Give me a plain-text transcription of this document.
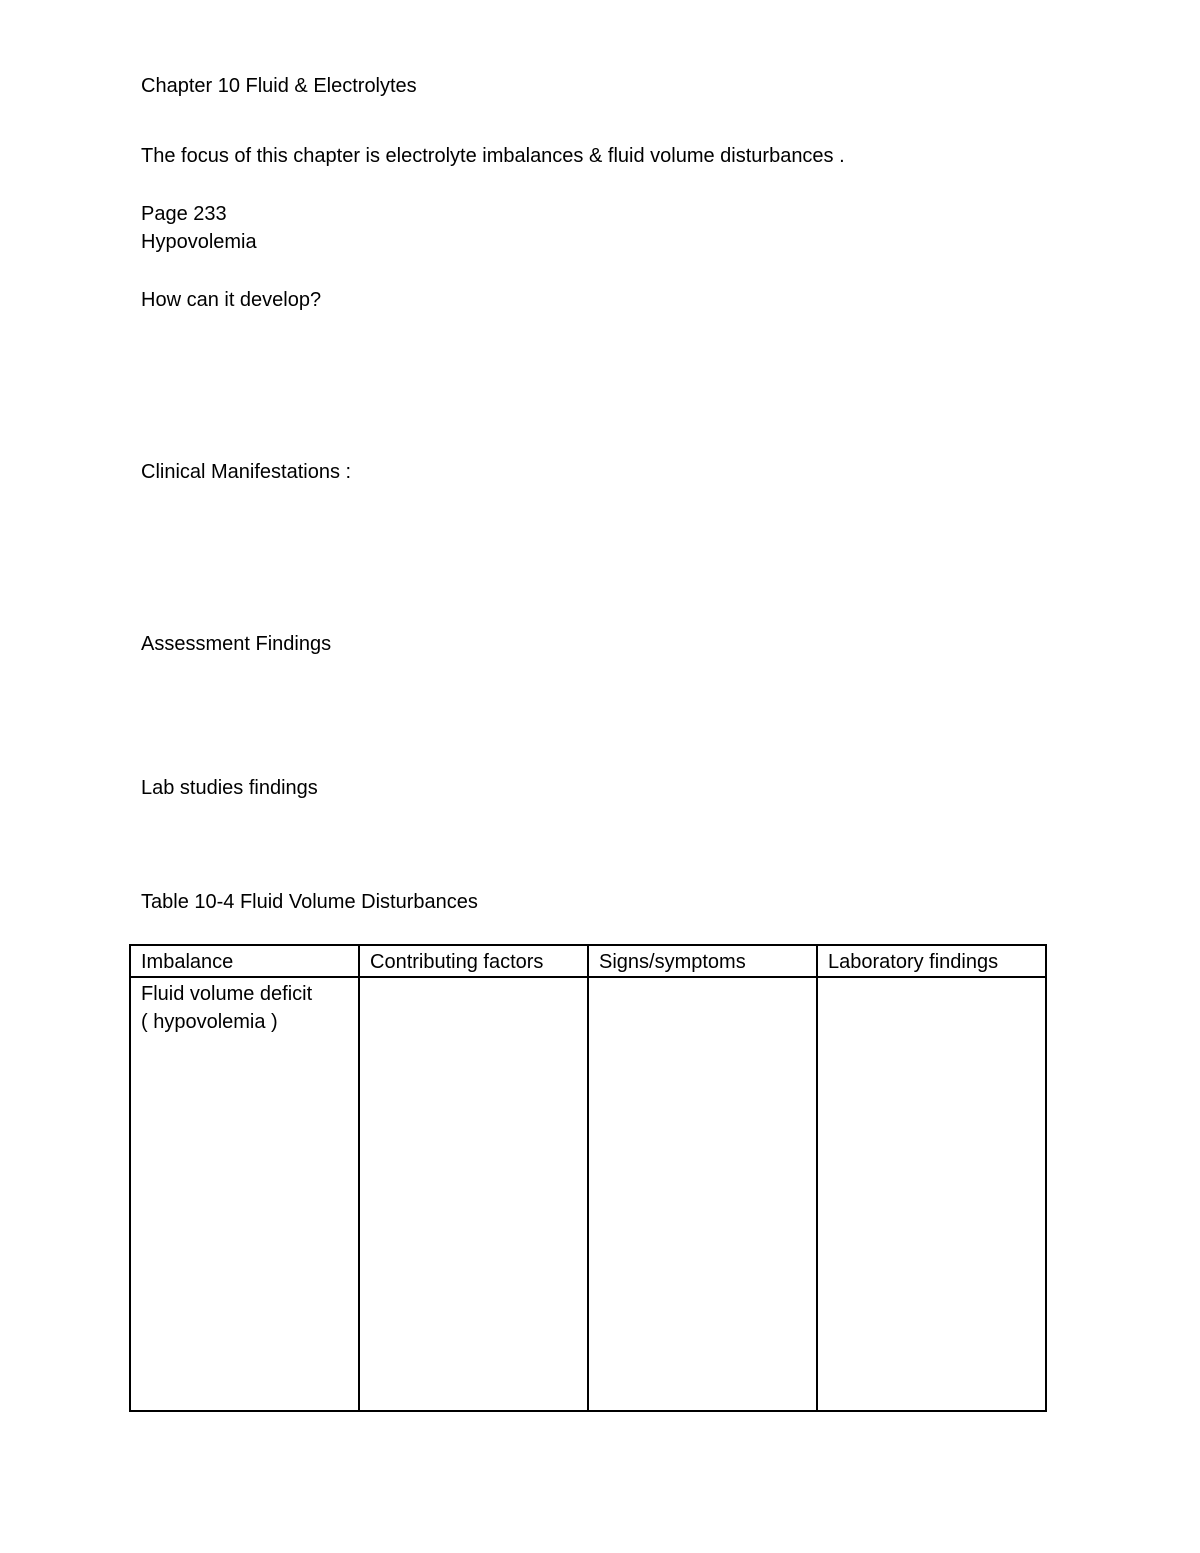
Chapter 10 Fluid & Electrolytes
The focus of this chapter is electrolyte imbalances & fluid volume disturbances .
Page 233
Hypovolemia
How can it develop?
Clinical Manifestations :
Assessment Findings
Lab studies findings
Table 10-4 Fluid Volume Disturbances
Imbalance	Contributing factors	Signs/symptoms	Laboratory findings

Fluid volume deficit
( hypovolemia )			
